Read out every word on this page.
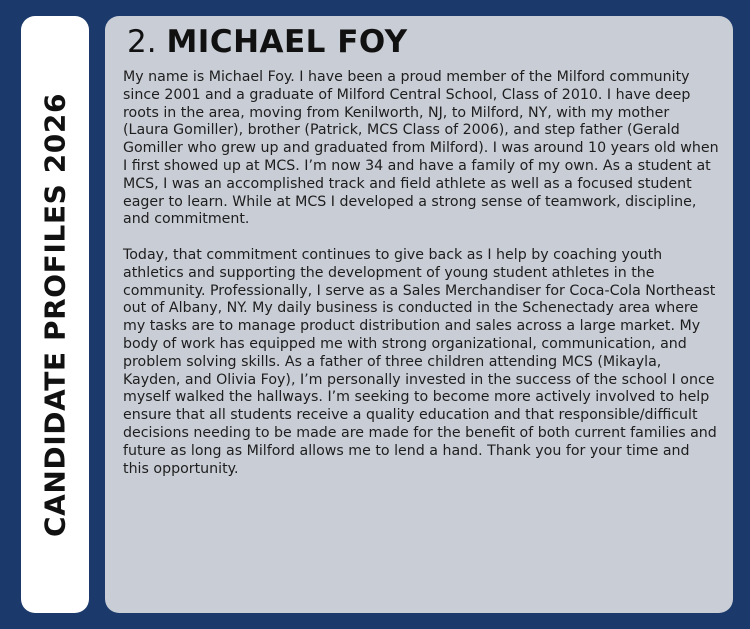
CANDIDATE PROFILES 2026
2. MICHAEL FOY

My name is Michael Foy. I have been a proud member of the Milford community since 2001 and a graduate of Milford Central School, Class of 2010. I have deep roots in the area, moving from Kenilworth, NJ, to Milford, NY, with my mother (Laura Gomiller), brother (Patrick, MCS Class of 2006), and step father (Gerald Gomiller who grew up and graduated from Milford). I was around 10 years old when I first showed up at MCS. I’m now 34 and have a family of my own. As a student at MCS, I was an accomplished track and field athlete as well as a focused student eager to learn. While at MCS I developed a strong sense of teamwork, discipline, and commitment.

Today, that commitment continues to give back as I help by coaching youth athletics and supporting the development of young student athletes in the community. Professionally, I serve as a Sales Merchandiser for Coca-Cola Northeast out of Albany, NY. My daily business is conducted in the Schenectady area where my tasks are to manage product distribution and sales across a large market. My body of work has equipped me with strong organizational, communication, and problem solving skills. As a father of three children attending MCS (Mikayla, Kayden, and Olivia Foy), I’m personally invested in the success of the school I once myself walked the hallways. I’m seeking to become more actively involved to help ensure that all students receive a quality education and that responsible/difficult decisions needing to be made are made for the benefit of both current families and future as long as Milford allows me to lend a hand. Thank you for your time and this opportunity.
